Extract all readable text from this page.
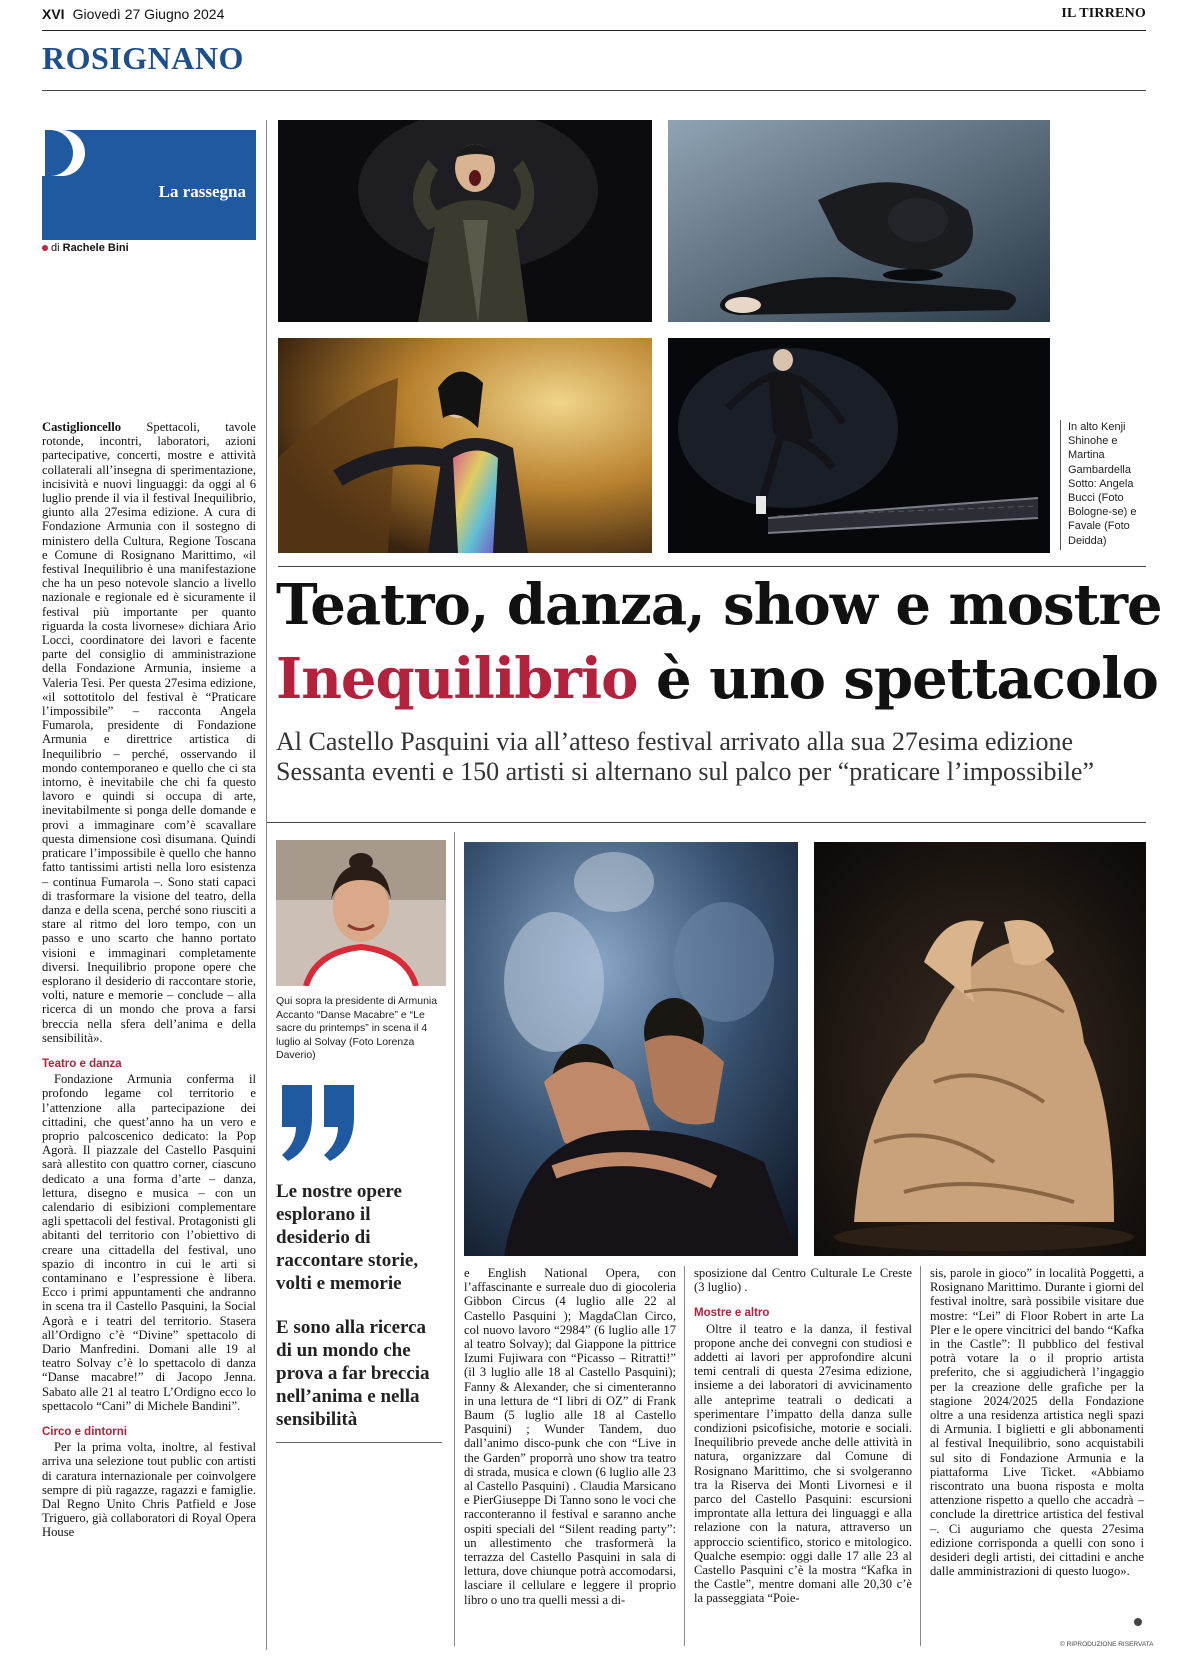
XVI Giovedì 27 Giugno 2024	IL TIRRENO
ROSIGNANO
La rassegna
di Rachele Bini
In alto Kenji Shinohe e Martina Gambardella Sotto: Angela Bucci (Foto Bologne-se) e Favale (Foto Deidda)
Teatro, danza, show e mostre
Inequilibrio è uno spettacolo
Al Castello Pasquini via all’atteso festival arrivato alla sua 27esima edizione
Sessanta eventi e 150 artisti si alternano sul palco per “praticare l’impossibile”

Castiglioncello Spettacoli, tavole rotonde, incontri, laboratori, azioni partecipative, concerti, mostre e attività collaterali all’insegna di sperimentazione, incisività e nuovi linguaggi: da oggi al 6 luglio prende il via il festival Inequilibrio, giunto alla 27esima edizione. A cura di Fondazione Armunia con il sostegno di ministero della Cultura, Regione Toscana e Comune di Rosignano Marittimo, «il festival Inequilibrio è una manifestazione che ha un peso notevole slancio a livello nazionale e regionale ed è sicuramente il festival più importante per quanto riguarda la costa livornese» dichiara Ario Locci, coordinatore dei lavori e facente parte del consiglio di amministrazione della Fondazione Armunia, insieme a Valeria Tesi. Per questa 27esima edizione, «il sottotitolo del festival è “Praticare l’impossibile” – racconta Angela Fumarola, presidente di Fondazione Armunia e direttrice artistica di Inequilibrio – perché, osservando il mondo contemporaneo e quello che ci sta intorno, è inevitabile che chi fa questo lavoro e quindi si occupa di arte, inevitabilmente si ponga delle domande e provi a immaginare com’è scavallare questa dimensione così disumana. Quindi praticare l’impossibile è quello che hanno fatto tantissimi artisti nella loro esistenza – continua Fumarola –. Sono stati capaci di trasformare la visione del teatro, della danza e della scena, perché sono riusciti a stare al ritmo del loro tempo, con un passo e uno scarto che hanno portato visioni e immaginari completamente diversi. Inequilibrio propone opere che esplorano il desiderio di raccontare storie, volti, nature e memorie – conclude – alla ricerca di un mondo che prova a farsi breccia nella sfera dell’anima e della sensibilità».

Teatro e danza

Fondazione Armunia conferma il profondo legame col territorio e l’attenzione alla partecipazione dei cittadini, che quest’anno ha un vero e proprio palcoscenico dedicato: la Pop Agorà. Il piazzale del Castello Pasquini sarà allestito con quattro corner, ciascuno dedicato a una forma d’arte – danza, lettura, disegno e musica – con un calendario di esibizioni complementare agli spettacoli del festival. Protagonisti gli abitanti del territorio con l’obiettivo di creare una cittadella del festival, uno spazio di incontro in cui le arti si contaminano e l’espressione è libera. Ecco i primi appuntamenti che andranno in scena tra il Castello Pasquini, la Social Agorà e i teatri del territorio. Stasera all’Ordigno c’è “Divine” spettacolo di Dario Manfredini. Domani alle 19 al teatro Solvay c’è lo spettacolo di danza “Danse macabre!” di Jacopo Jenna. Sabato alle 21 al teatro L’Ordigno ecco lo spettacolo “Cani” di Michele Bandini”.

Circo e dintorni

Per la prima volta, inoltre, al festival arriva una selezione tout public con artisti di caratura internazionale per coinvolgere sempre di più ragazze, ragazzi e famiglie. Dal Regno Unito Chris Patfield e Jose Triguero, già collaboratori di Royal Opera House

Qui sopra la presidente di Armunia Accanto “Danse Macabre” e “Le sacre du printemps” in scena il 4 luglio al Solvay (Foto Lorenza Daverio)
Le nostre opere esplorano il desiderio di raccontare storie, volti e memorie
E sono alla ricerca di un mondo che prova a far breccia nell’anima e nella sensibilità

e English National Opera, con l’affascinante e surreale duo di giocoleria Gibbon Circus (4 luglio alle 22 al Castello Pasquini ); MagdaClan Circo, col nuovo lavoro “2984” (6 luglio alle 17 al teatro Solvay); dal Giappone la pittrice Izumi Fujiwara con “Picasso – Ritratti!” (il 3 luglio alle 18 al Castello Pasquini); Fanny & Alexander, che si cimenteranno in una lettura de “I libri di OZ” di Frank Baum (5 luglio alle 18 al Castello Pasquini) ; Wunder Tandem, duo dall’animo disco-punk che con “Live in the Garden” proporrà uno show tra teatro di strada, musica e clown (6 luglio alle 23 al Castello Pasquini) . Claudia Marsicano e PierGiuseppe Di Tanno sono le voci che racconteranno il festival e saranno anche ospiti speciali del “Silent reading party”: un allestimento che trasformerà la terrazza del Castello Pasquini in sala di lettura, dove chiunque potrà accomodarsi, lasciare il cellulare e leggere il proprio libro o uno tra quelli messi a di-

sposizione dal Centro Culturale Le Creste (3 luglio) .

Mostre e altro

Oltre il teatro e la danza, il festival propone anche dei convegni con studiosi e addetti ai lavori per approfondire alcuni temi centrali di questa 27esima edizione, insieme a dei laboratori di avvicinamento alle anteprime teatrali o dedicati a sperimentare l’impatto della danza sulle condizioni psicofisiche, motorie e sociali. Inequilibrio prevede anche delle attività in natura, organizzare dal Comune di Rosignano Marittimo, che si svolgeranno tra la Riserva dei Monti Livornesi e il parco del Castello Pasquini: escursioni improntate alla lettura dei linguaggi e alla relazione con la natura, attraverso un approccio scientifico, storico e mitologico. Qualche esempio: oggi dalle 17 alle 23 al Castello Pasquini c’è la mostra “Kafka in the Castle”, mentre domani alle 20,30 c’è la passeggiata “Poie-

sis, parole in gioco” in località Poggetti, a Rosignano Marittimo. Durante i giorni del festival inoltre, sarà possibile visitare due mostre: “Lei” di Floor Robert in arte La Pler e le opere vincitrici del bando “Kafka in the Castle”: Il pubblico del festival potrà votare la o il proprio artista preferito, che si aggiudicherà l’ingaggio per la creazione delle grafiche per la stagione 2024/2025 della Fondazione oltre a una residenza artistica negli spazi di Armunia. I biglietti e gli abbonamenti al festival Inequilibrio, sono acquistabili sul sito di Fondazione Armunia e la piattaforma Live Ticket. «Abbiamo riscontrato una buona risposta e molta attenzione rispetto a quello che accadrà – conclude la direttrice artistica del festival –. Ci auguriamo che questa 27esima edizione corrisponda a quelli con sono i desideri degli artisti, dei cittadini e anche dalle amministrazioni di questo luogo».

© RIPRODUZIONE RISERVATA
